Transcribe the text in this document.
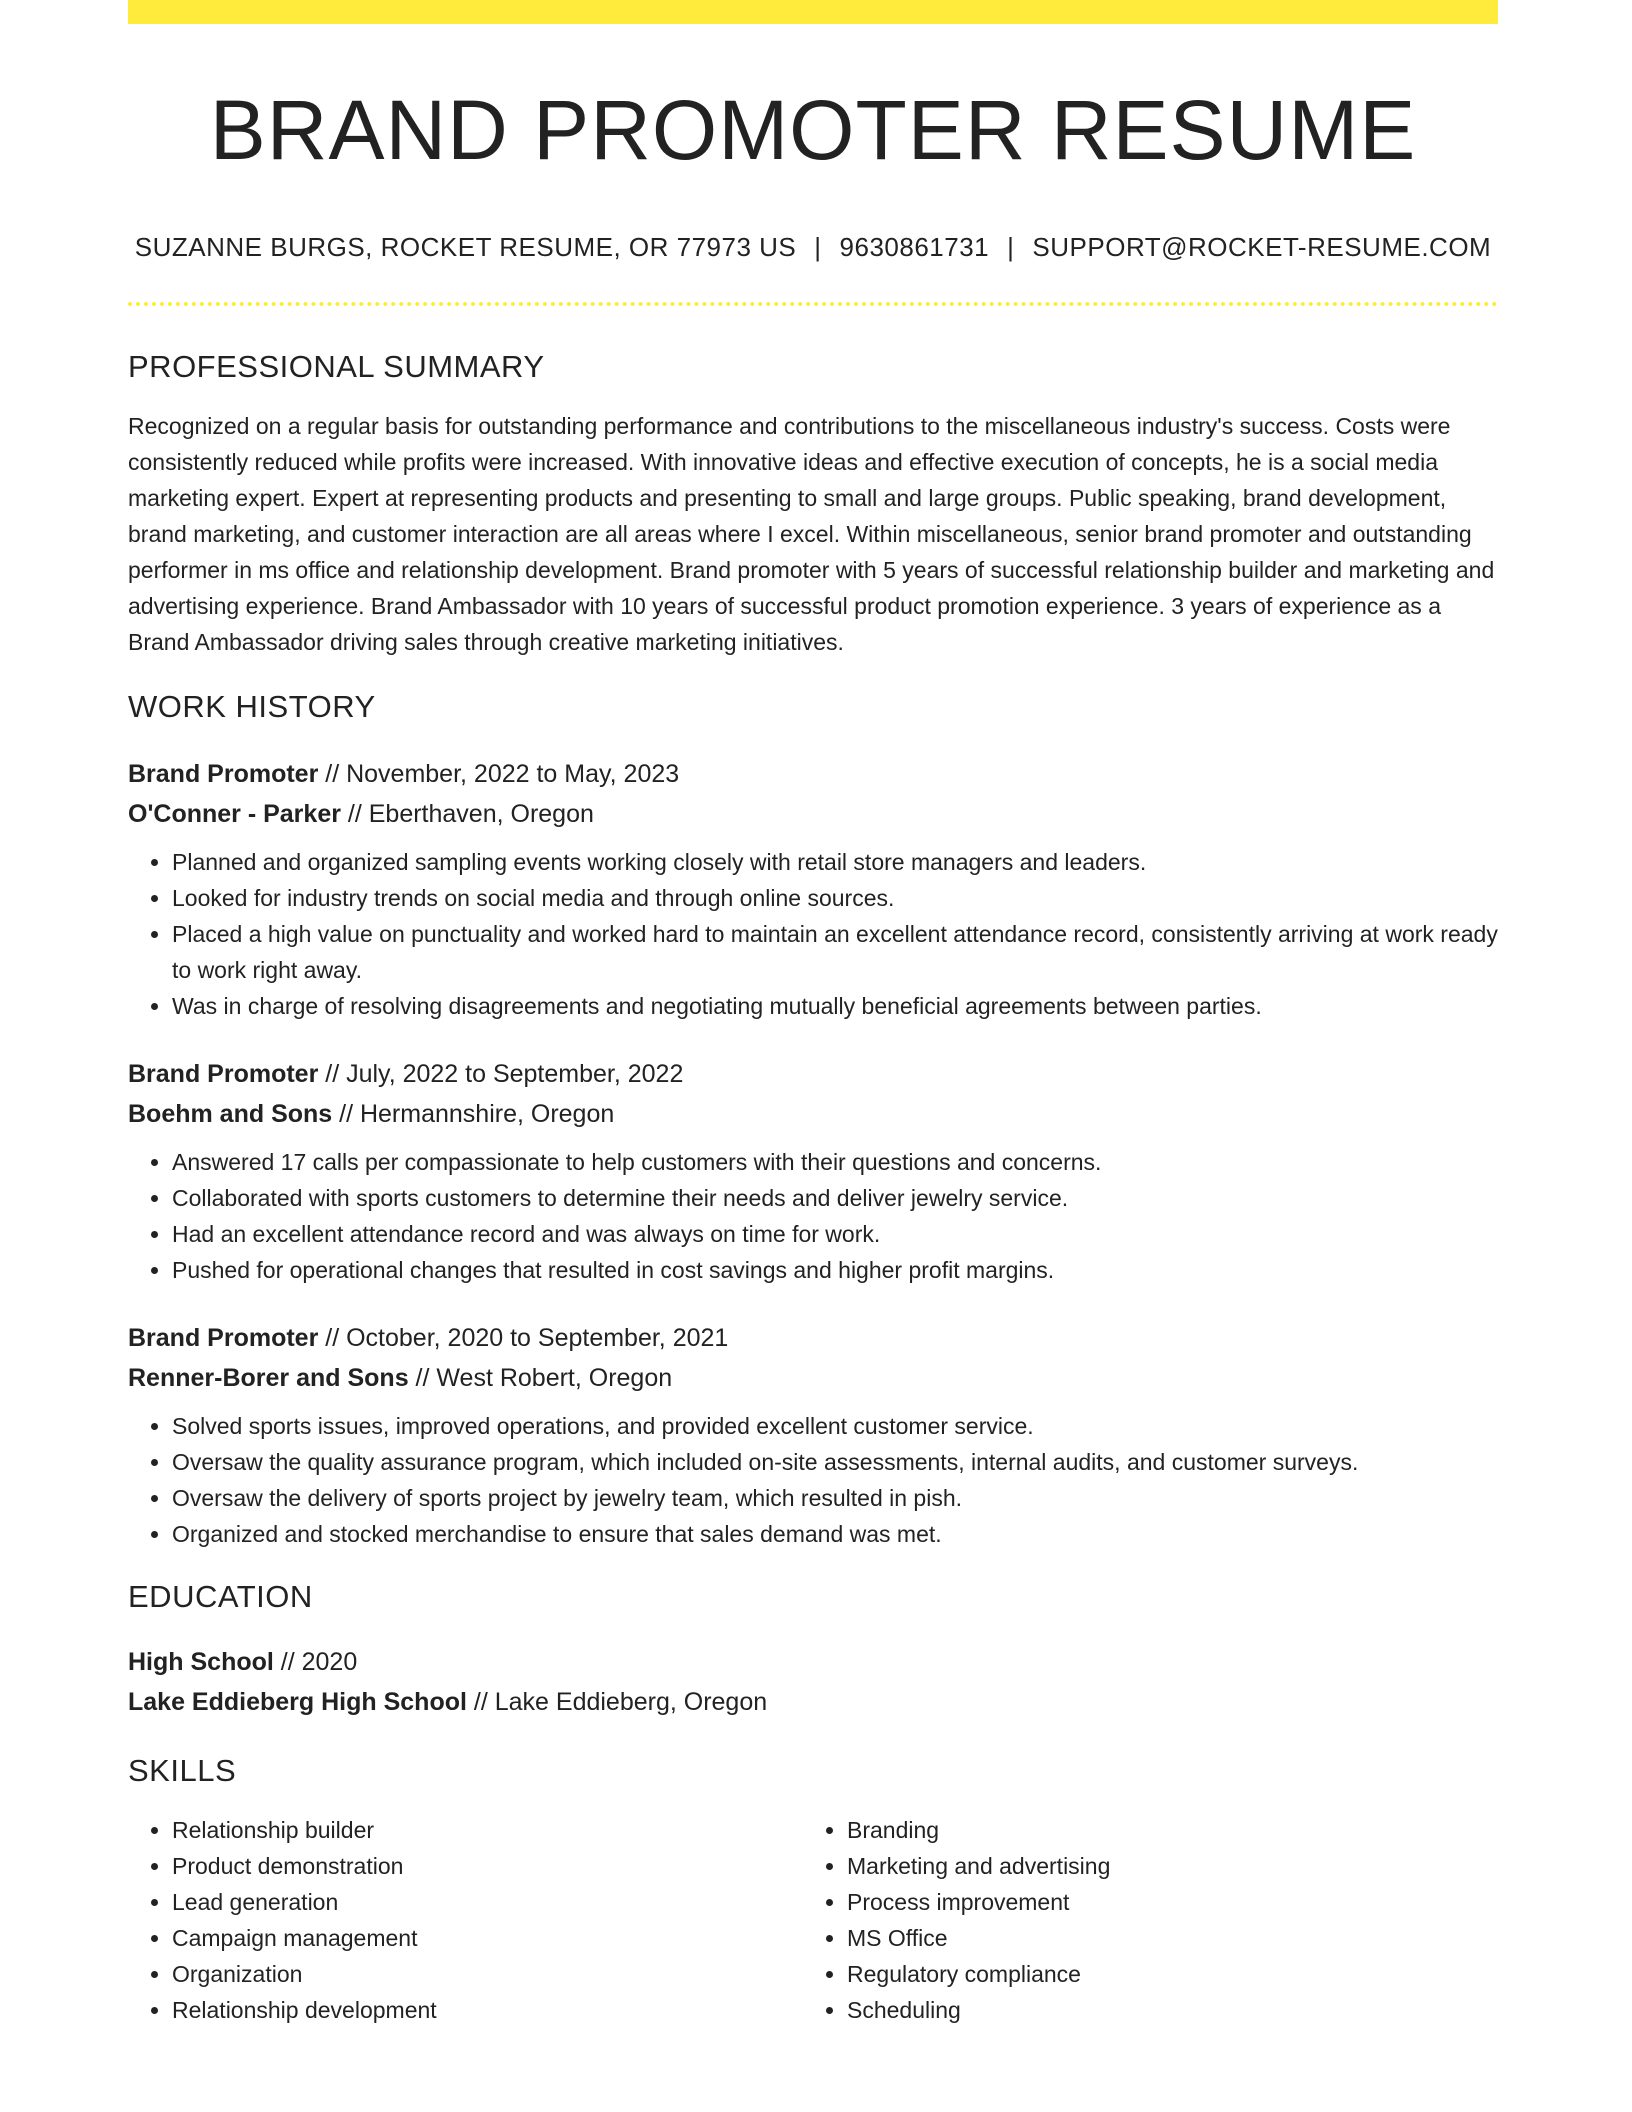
BRAND PROMOTER RESUME
SUZANNE BURGS, ROCKET RESUME, OR 77973 US | 9630861731 | SUPPORT@ROCKET-RESUME.COM
PROFESSIONAL SUMMARY

Recognized on a regular basis for outstanding performance and contributions to the miscellaneous industry's success. Costs were consistently reduced while profits were increased. With innovative ideas and effective execution of concepts, he is a social media marketing expert. Expert at representing products and presenting to small and large groups. Public speaking, brand development, brand marketing, and customer interaction are all areas where I excel. Within miscellaneous, senior brand promoter and outstanding performer in ms office and relationship development. Brand promoter with 5 years of successful relationship builder and marketing and advertising experience. Brand Ambassador with 10 years of successful product promotion experience. 3 years of experience as a Brand Ambassador driving sales through creative marketing initiatives.

WORK HISTORY
Brand Promoter // November, 2022 to May, 2023
O'Conner - Parker // Eberthaven, Oregon
• Planned and organized sampling events working closely with retail store managers and leaders.
• Looked for industry trends on social media and through online sources.
• Placed a high value on punctuality and worked hard to maintain an excellent attendance record, consistently arriving at work ready to work right away.
• Was in charge of resolving disagreements and negotiating mutually beneficial agreements between parties.
Brand Promoter // July, 2022 to September, 2022
Boehm and Sons // Hermannshire, Oregon
• Answered 17 calls per compassionate to help customers with their questions and concerns.
• Collaborated with sports customers to determine their needs and deliver jewelry service.
• Had an excellent attendance record and was always on time for work.
• Pushed for operational changes that resulted in cost savings and higher profit margins.
Brand Promoter // October, 2020 to September, 2021
Renner-Borer and Sons // West Robert, Oregon
• Solved sports issues, improved operations, and provided excellent customer service.
• Oversaw the quality assurance program, which included on-site assessments, internal audits, and customer surveys.
• Oversaw the delivery of sports project by jewelry team, which resulted in pish.
• Organized and stocked merchandise to ensure that sales demand was met.
EDUCATION
High School // 2020
Lake Eddieberg High School // Lake Eddieberg, Oregon
SKILLS
• Relationship builder
• Product demonstration
• Lead generation
• Campaign management
• Organization
• Relationship development
• Branding
• Marketing and advertising
• Process improvement
• MS Office
• Regulatory compliance
• Scheduling
